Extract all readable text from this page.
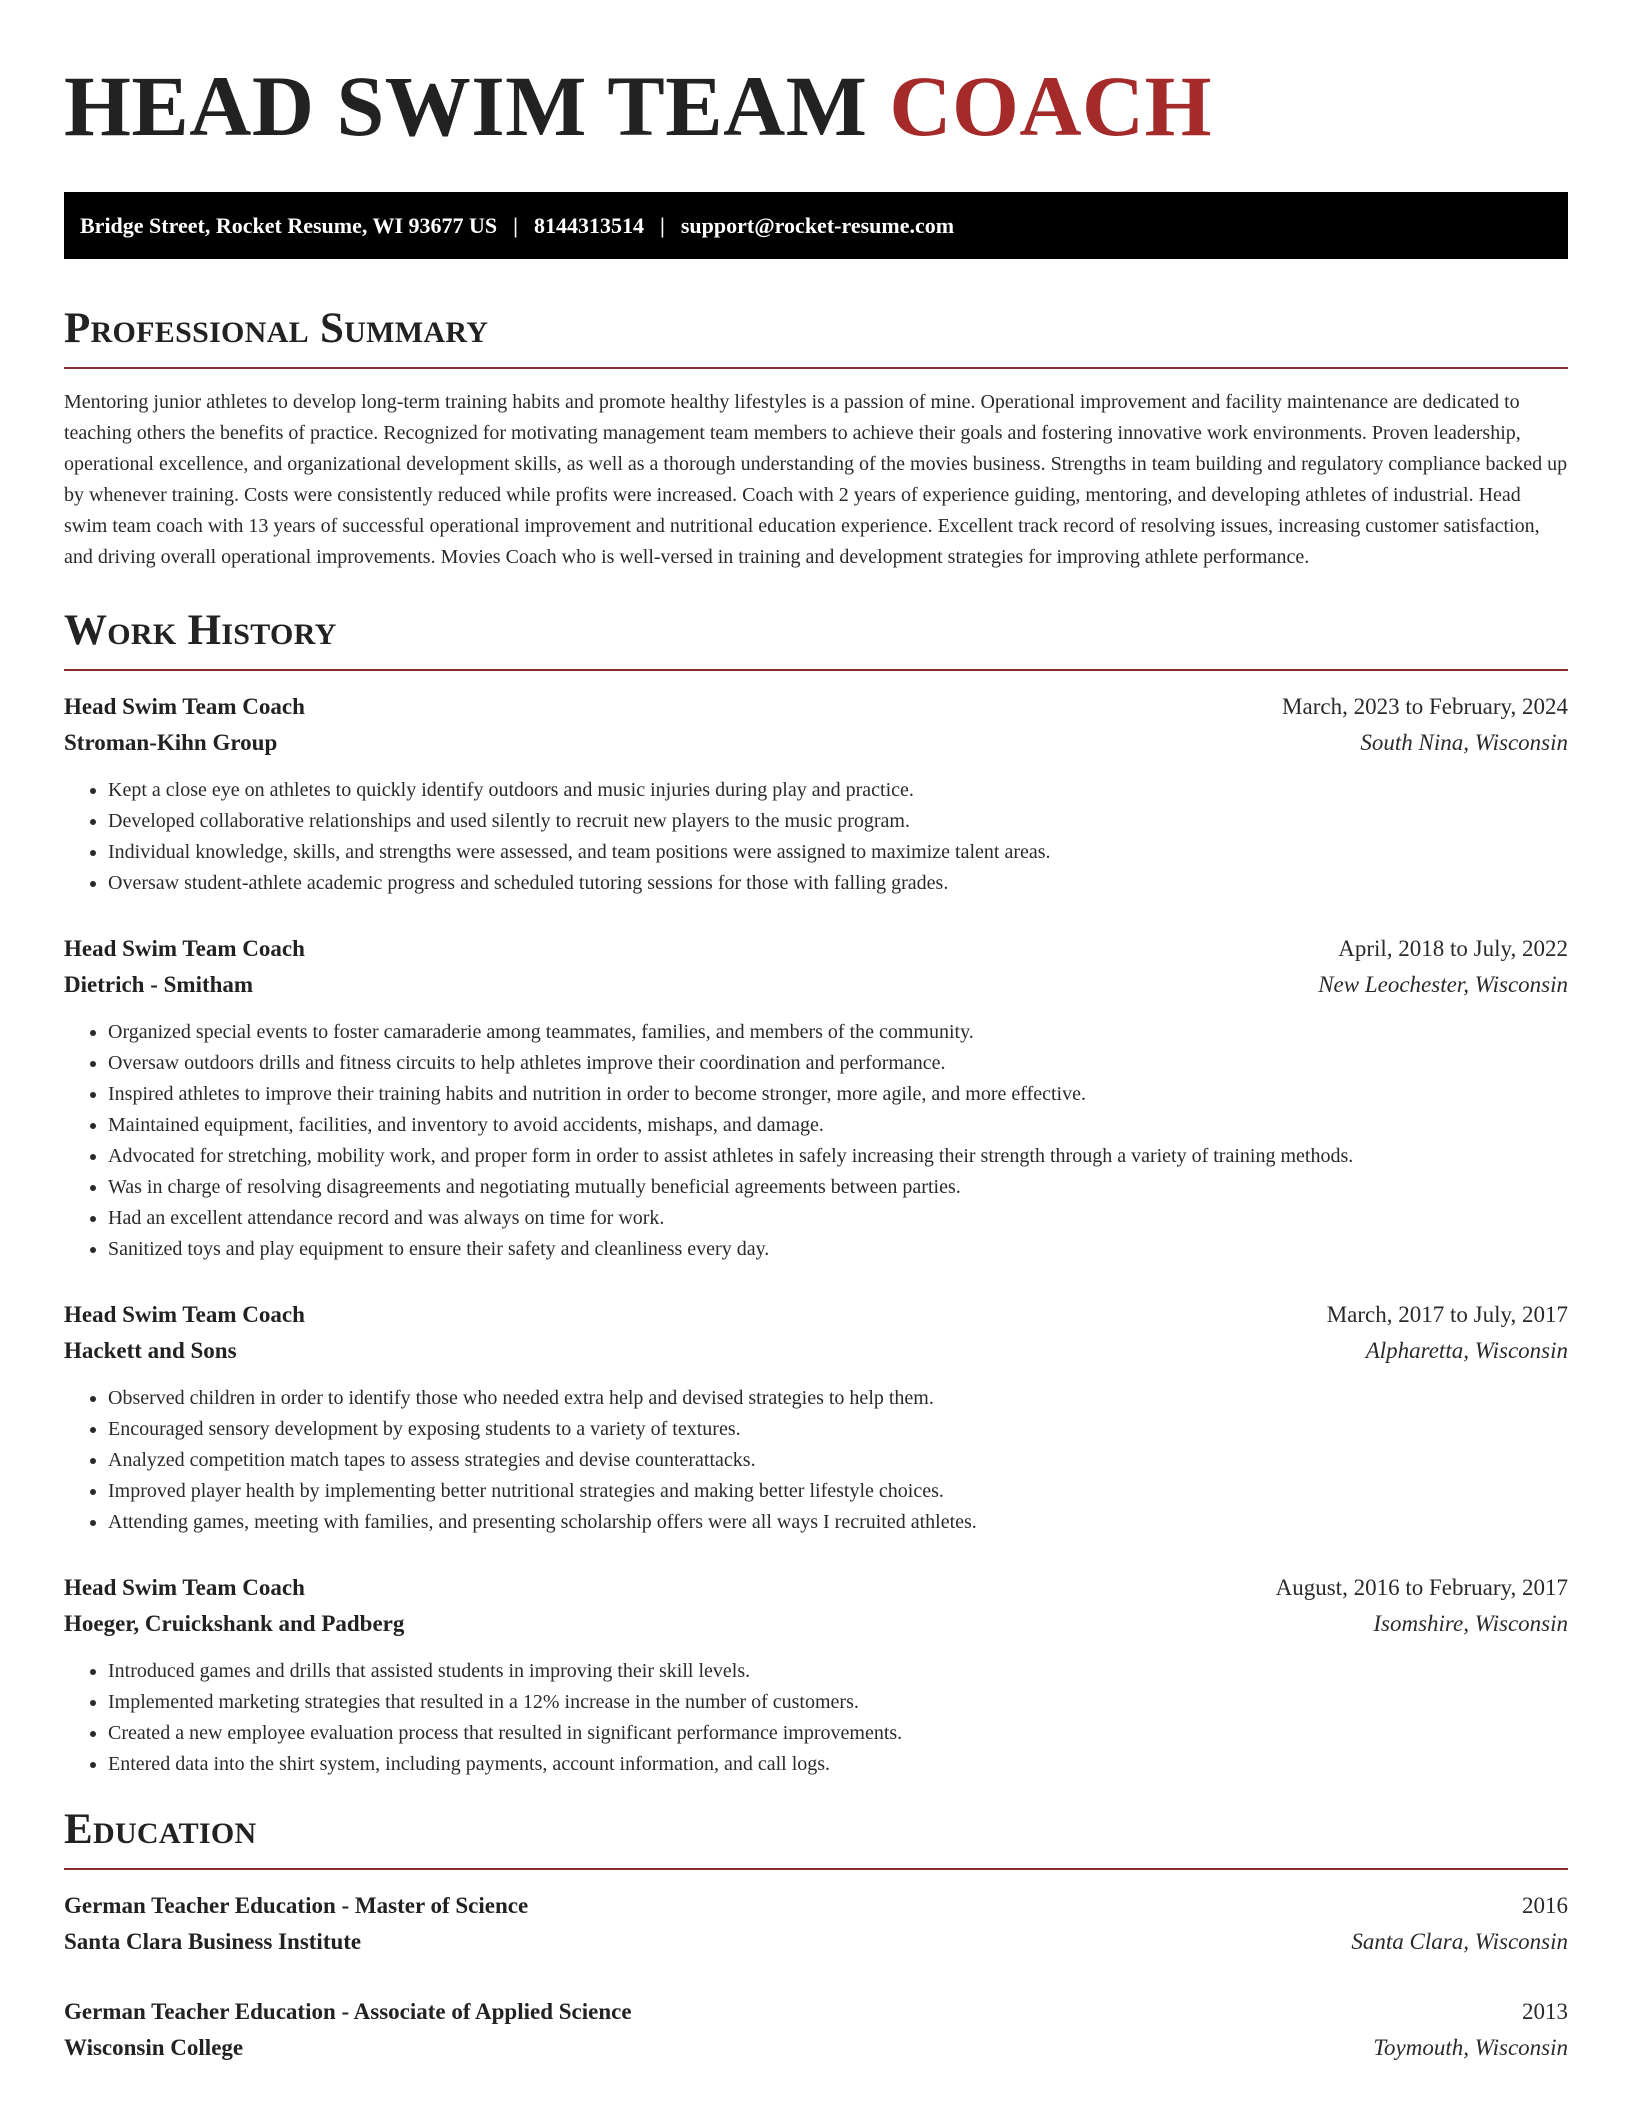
HEAD SWIM TEAM COACH
Bridge Street, Rocket Resume, WI 93677 US | 8144313514 | support@rocket-resume.com
Professional Summary

Mentoring junior athletes to develop long-term training habits and promote healthy lifestyles is a passion of mine. Operational improvement and facility maintenance are dedicated to teaching others the benefits of practice. Recognized for motivating management team members to achieve their goals and fostering innovative work environments. Proven leadership, operational excellence, and organizational development skills, as well as a thorough understanding of the movies business. Strengths in team building and regulatory compliance backed up by whenever training. Costs were consistently reduced while profits were increased. Coach with 2 years of experience guiding, mentoring, and developing athletes of industrial. Head swim team coach with 13 years of successful operational improvement and nutritional education experience. Excellent track record of resolving issues, increasing customer satisfaction, and driving overall operational improvements. Movies Coach who is well-versed in training and development strategies for improving athlete performance.

Work History
Head Swim Team Coach	March, 2023 to February, 2024
Stroman-Kihn Group	South Nina, Wisconsin
• Kept a close eye on athletes to quickly identify outdoors and music injuries during play and practice.
• Developed collaborative relationships and used silently to recruit new players to the music program.
• Individual knowledge, skills, and strengths were assessed, and team positions were assigned to maximize talent areas.
• Oversaw student-athlete academic progress and scheduled tutoring sessions for those with falling grades.
Head Swim Team Coach	April, 2018 to July, 2022
Dietrich - Smitham	New Leochester, Wisconsin
• Organized special events to foster camaraderie among teammates, families, and members of the community.
• Oversaw outdoors drills and fitness circuits to help athletes improve their coordination and performance.
• Inspired athletes to improve their training habits and nutrition in order to become stronger, more agile, and more effective.
• Maintained equipment, facilities, and inventory to avoid accidents, mishaps, and damage.
• Advocated for stretching, mobility work, and proper form in order to assist athletes in safely increasing their strength through a variety of training methods.
• Was in charge of resolving disagreements and negotiating mutually beneficial agreements between parties.
• Had an excellent attendance record and was always on time for work.
• Sanitized toys and play equipment to ensure their safety and cleanliness every day.
Head Swim Team Coach	March, 2017 to July, 2017
Hackett and Sons	Alpharetta, Wisconsin
• Observed children in order to identify those who needed extra help and devised strategies to help them.
• Encouraged sensory development by exposing students to a variety of textures.
• Analyzed competition match tapes to assess strategies and devise counterattacks.
• Improved player health by implementing better nutritional strategies and making better lifestyle choices.
• Attending games, meeting with families, and presenting scholarship offers were all ways I recruited athletes.
Head Swim Team Coach	August, 2016 to February, 2017
Hoeger, Cruickshank and Padberg	Isomshire, Wisconsin
• Introduced games and drills that assisted students in improving their skill levels.
• Implemented marketing strategies that resulted in a 12% increase in the number of customers.
• Created a new employee evaluation process that resulted in significant performance improvements.
• Entered data into the shirt system, including payments, account information, and call logs.
Education
German Teacher Education - Master of Science	2016
Santa Clara Business Institute	Santa Clara, Wisconsin
German Teacher Education - Associate of Applied Science	2013
Wisconsin College	Toymouth, Wisconsin
